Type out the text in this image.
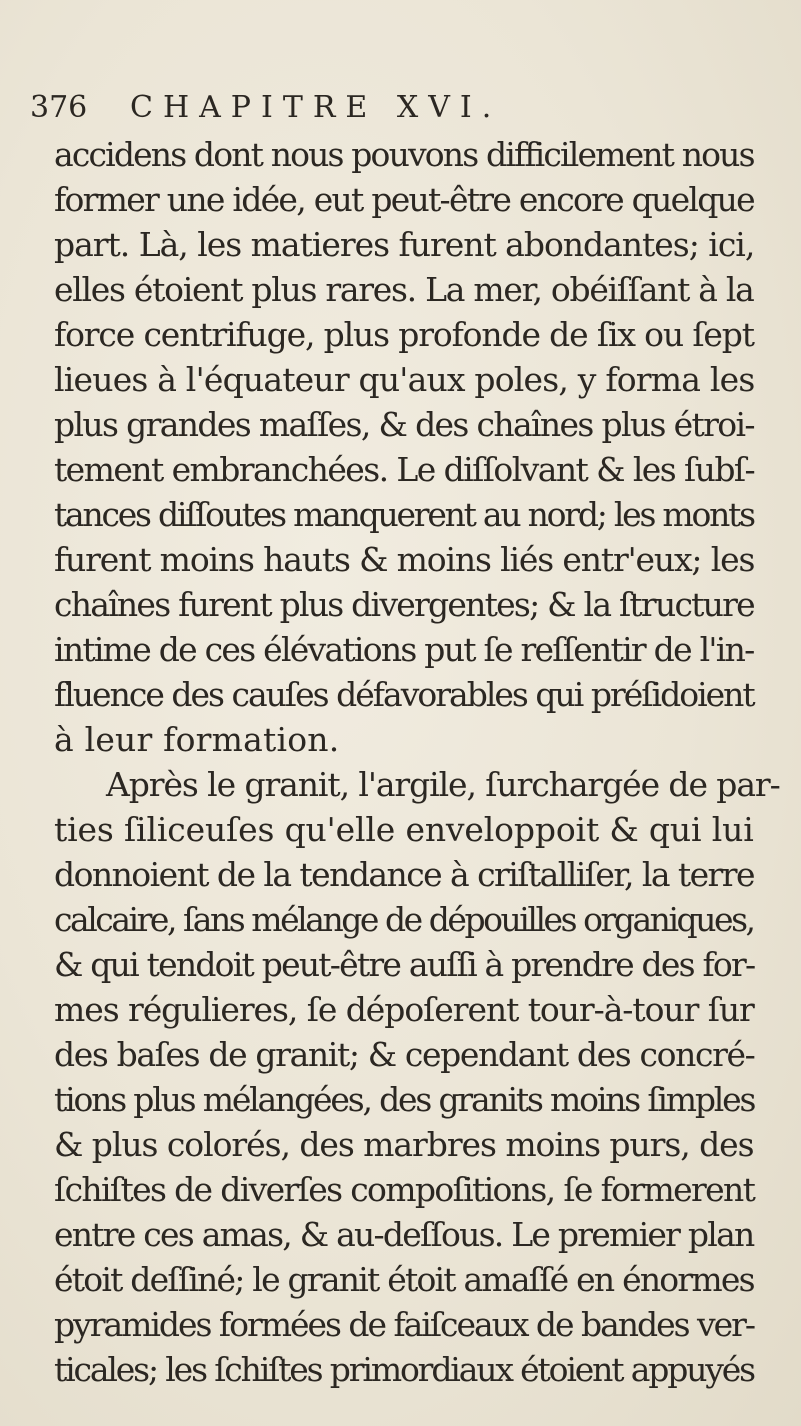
376 CHAPITRE XVI.
accidens dont nous pouvons difficilement nous
former une idée, eut peut-être encore quelque
part. Là, les matieres furent abondantes; ici,
elles étoient plus rares. La mer, obéiſſant à la
force centrifuge, plus profonde de ſix ou ſept
lieues à l'équateur qu'aux poles, y forma les
plus grandes maſſes, & des chaînes plus étroi-
tement embranchées. Le diſſolvant & les ſubſ-
tances diſſoutes manquerent au nord; les monts
furent moins hauts & moins liés entr'eux; les
chaînes furent plus divergentes; & la ſtructure
intime de ces élévations put ſe reſſentir de l'in-
fluence des cauſes défavorables qui préſidoient
à leur formation.
Après le granit, l'argile, ſurchargée de par-
ties ſiliceuſes qu'elle enveloppoit & qui lui
donnoient de la tendance à criſtalliſer, la terre
calcaire, ſans mélange de dépouilles organiques,
& qui tendoit peut-être auſſi à prendre des for-
mes régulieres, ſe dépoſerent tour-à-tour ſur
des baſes de granit; & cependant des concré-
tions plus mélangées, des granits moins ſimples
& plus colorés, des marbres moins purs, des
ſchiſtes de diverſes compoſitions, ſe formerent
entre ces amas, & au-deſſous. Le premier plan
étoit deſſiné; le granit étoit amaſſé en énormes
pyramides formées de faiſceaux de bandes ver-
ticales; les ſchiſtes primordiaux étoient appuyés
